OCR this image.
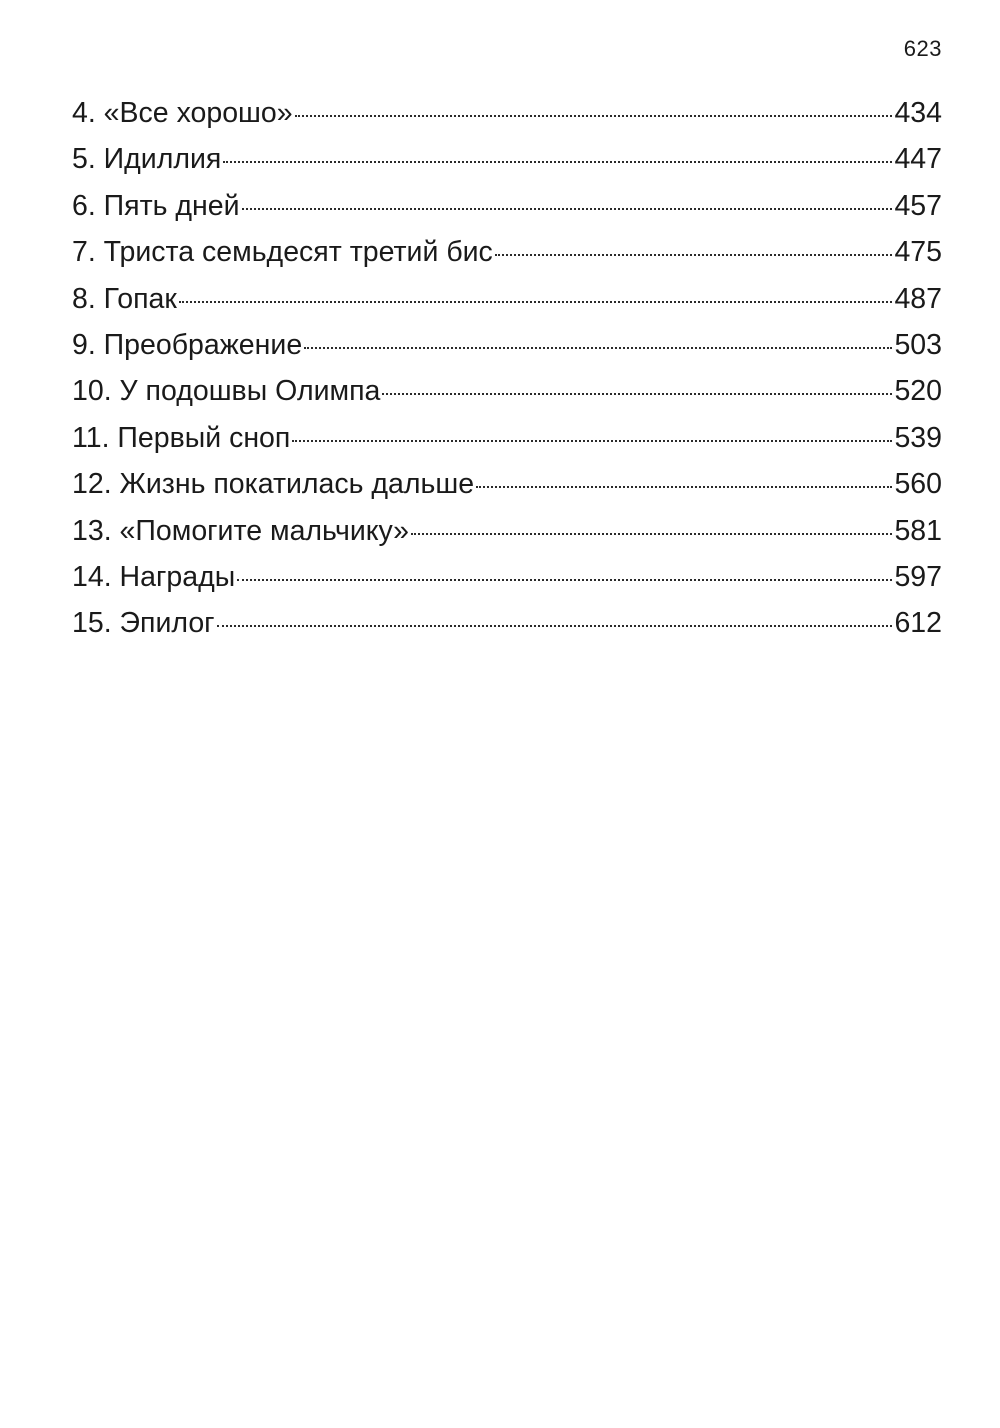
623
4. «Все хорошо»	434
5. Идиллия	447
6. Пять дней	457
7. Триста семьдесят третий бис	475
8. Гопак	487
9. Преображение	503
10. У подошвы Олимпа	520
11. Первый сноп	539
12. Жизнь покатилась дальше	560
13. «Помогите мальчику»	581
14. Награды	597
15. Эпилог	612
